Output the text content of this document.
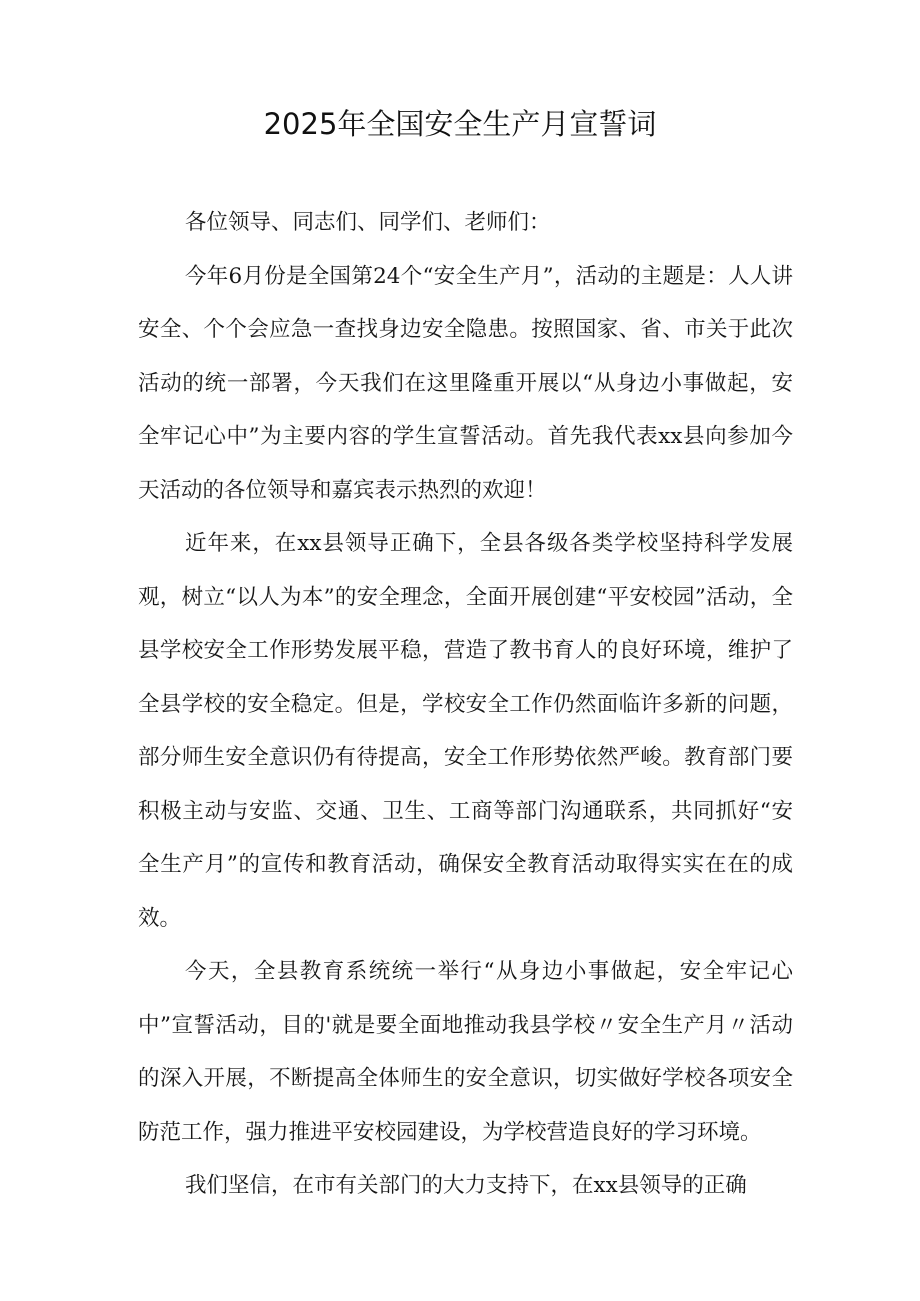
2025年全国安全生产月宣誓词

各位领导、同志们、同学们、老师们：

今年6月份是全国第24个“安全生产月”，活动的主题是：人人讲安全、个个会应急一查找身边安全隐患。按照国家、省、市关于此次活动的统一部署，今天我们在这里隆重开展以“从身边小事做起，安全牢记心中”为主要内容的学生宣誓活动。首先我代表xx县向参加今天活动的各位领导和嘉宾表示热烈的欢迎！

近年来，在xx县领导正确下，全县各级各类学校坚持科学发展观，树立“以人为本”的安全理念，全面开展创建“平安校园”活动，全县学校安全工作形势发展平稳，营造了教书育人的良好环境，维护了全县学校的安全稳定。但是，学校安全工作仍然面临许多新的问题，部分师生安全意识仍有待提高，安全工作形势依然严峻。教育部门要积极主动与安监、交通、卫生、工商等部门沟通联系，共同抓好“安全生产月”的宣传和教育活动，确保安全教育活动取得实实在在的成效。

今天，全县教育系统统一举行“从身边小事做起，安全牢记心中”宣誓活动，目的'就是要全面地推动我县学校〃安全生产月〃活动的深入开展，不断提高全体师生的安全意识，切实做好学校各项安全防范工作，强力推进平安校园建设，为学校营造良好的学习环境。

我们坚信，在市有关部门的大力支持下，在xx县领导的正确
